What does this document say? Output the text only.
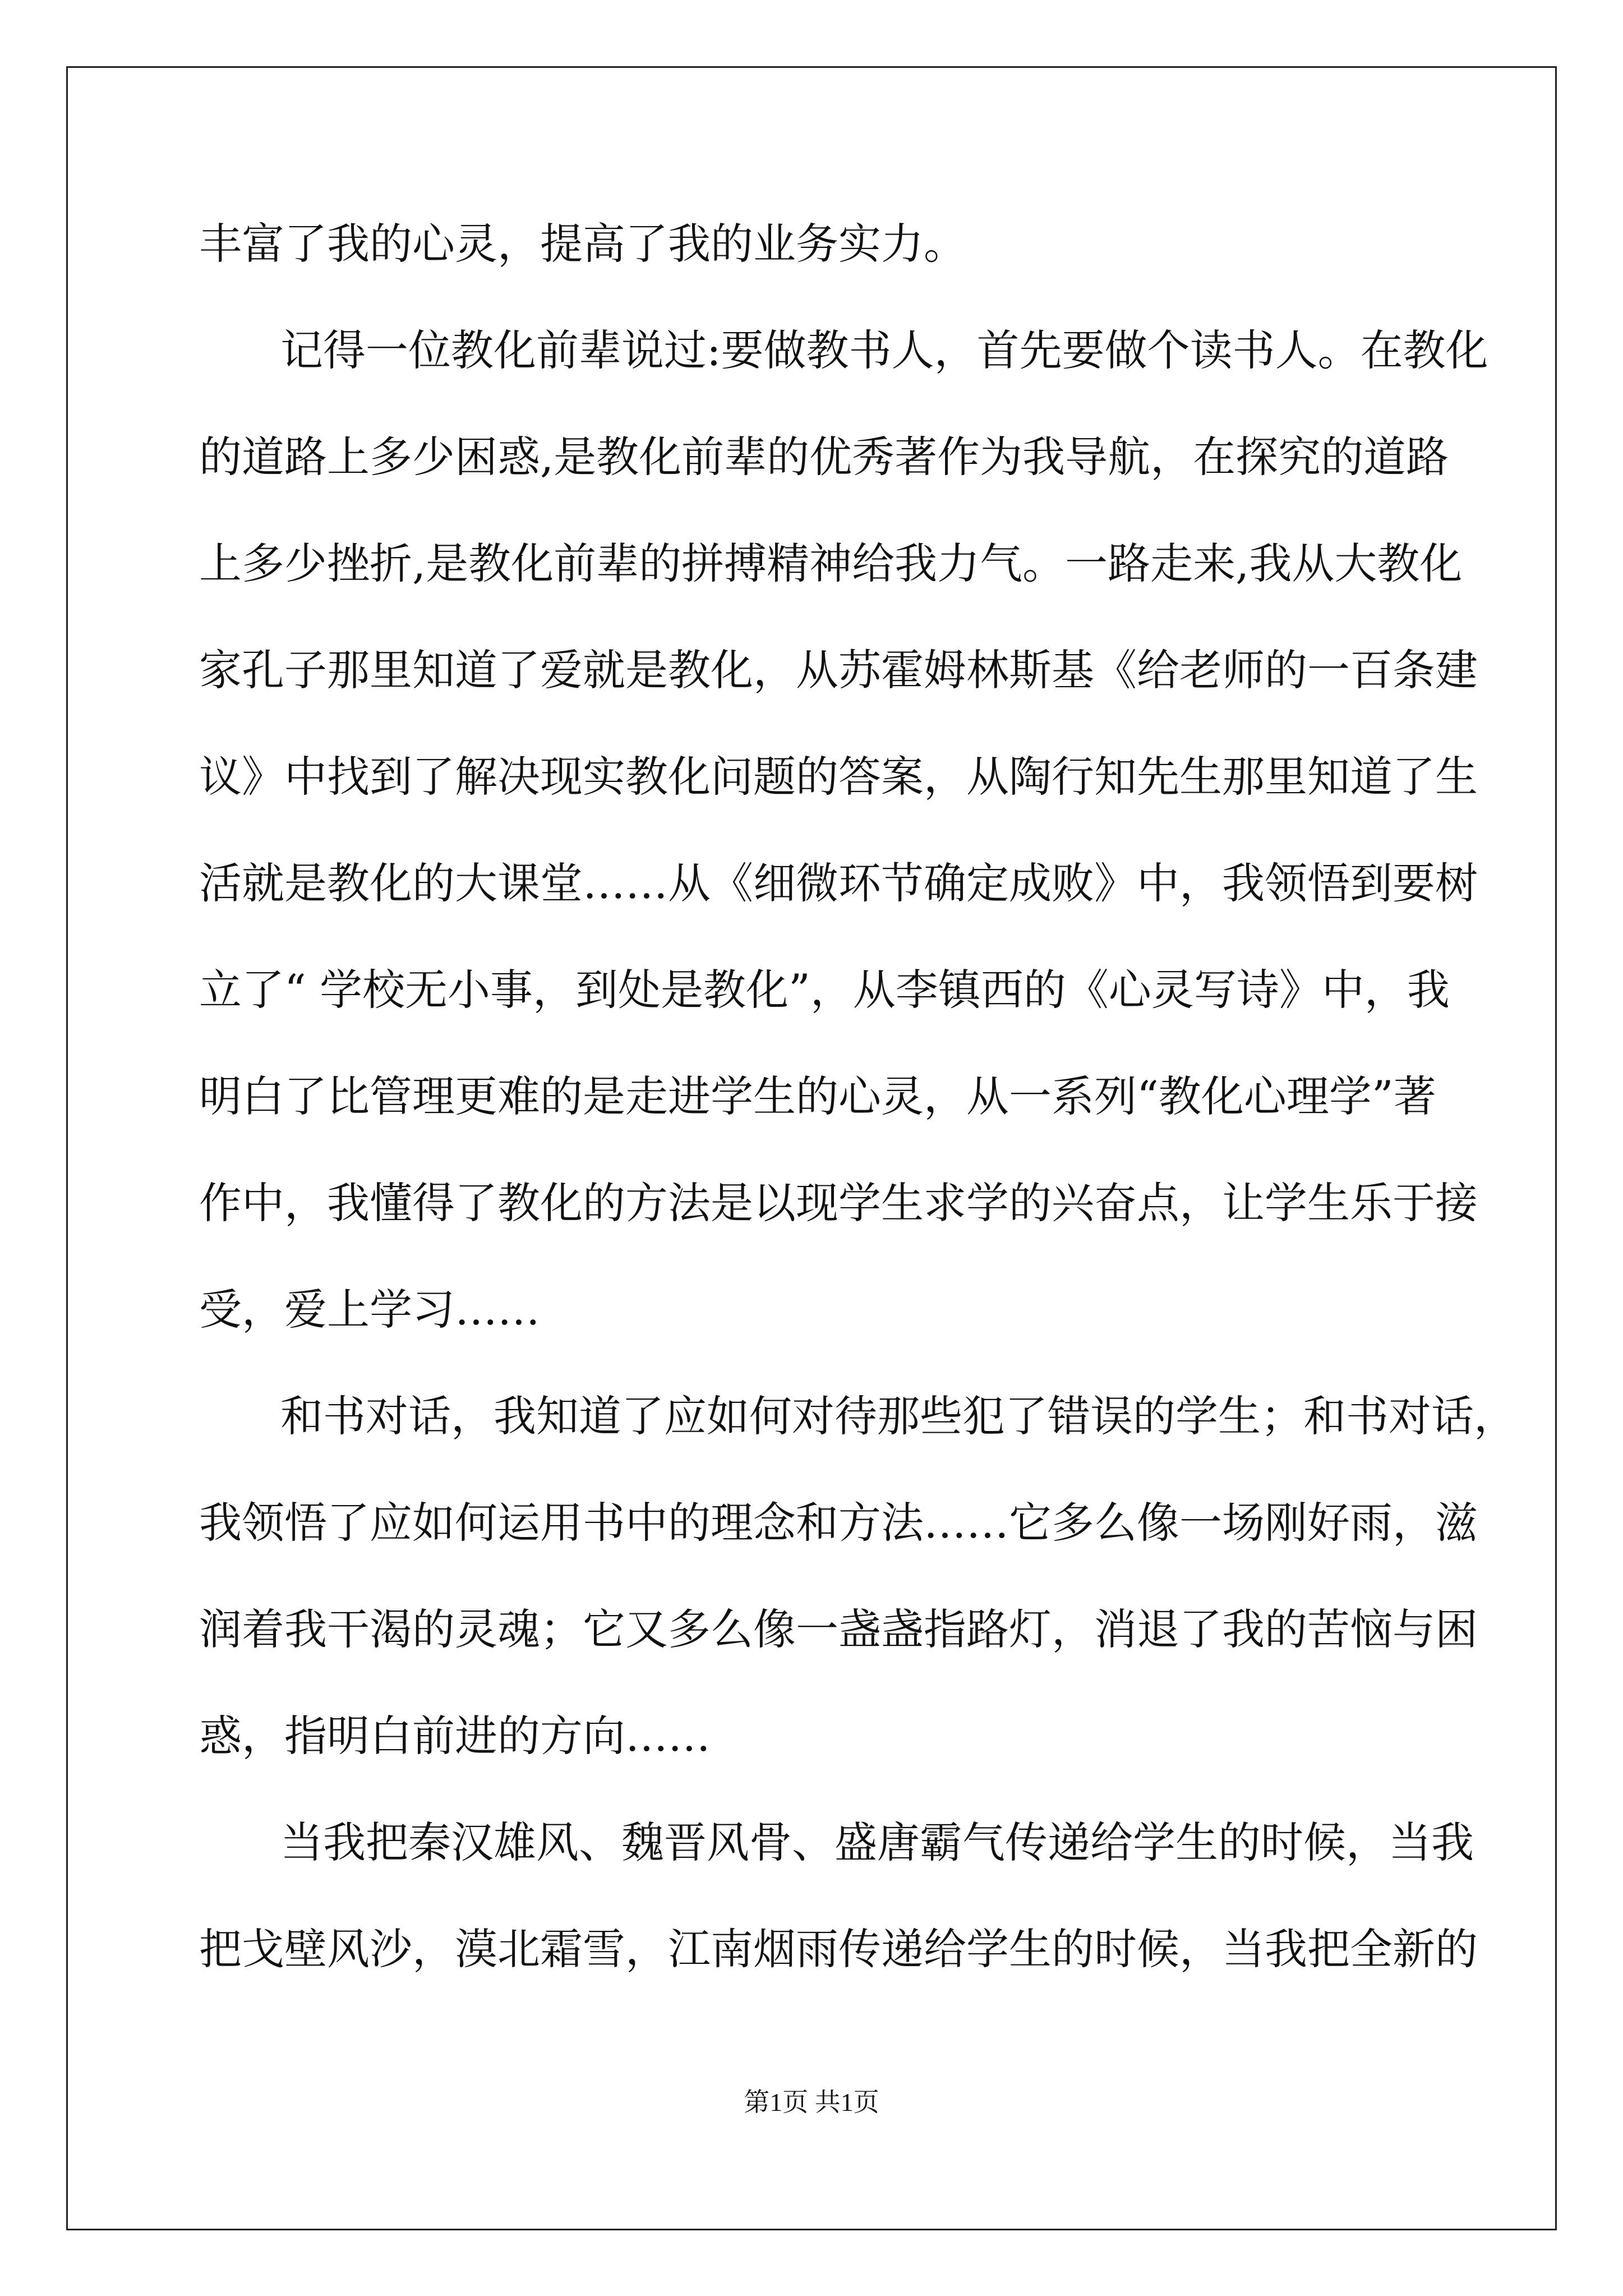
丰富了我的心灵，提高了我的业务实力。
记得一位教化前辈说过:要做教书人，首先要做个读书人。在教化
的道路上多少困惑,是教化前辈的优秀著作为我导航，在探究的道路
上多少挫折,是教化前辈的拼搏精神给我力气。一路走来,我从大教化
家孔子那里知道了爱就是教化，从苏霍姆林斯基《给老师的一百条建
议》中找到了解决现实教化问题的答案，从陶行知先生那里知道了生
活就是教化的大课堂……从《细微环节确定成败》中，我领悟到要树
立了“ 学校无小事，到处是教化”，从李镇西的《心灵写诗》中，我
明白了比管理更难的是走进学生的心灵，从一系列“教化心理学”著
作中，我懂得了教化的方法是以现学生求学的兴奋点，让学生乐于接
受，爱上学习……
和书对话，我知道了应如何对待那些犯了错误的学生；和书对话，
我领悟了应如何运用书中的理念和方法……它多么像一场刚好雨，滋
润着我干渴的灵魂；它又多么像一盏盏指路灯，消退了我的苦恼与困
惑，指明白前进的方向……
当我把秦汉雄风、魏晋风骨、盛唐霸气传递给学生的时候，当我
把戈壁风沙，漠北霜雪，江南烟雨传递给学生的时候，当我把全新的
第1页 共1页
